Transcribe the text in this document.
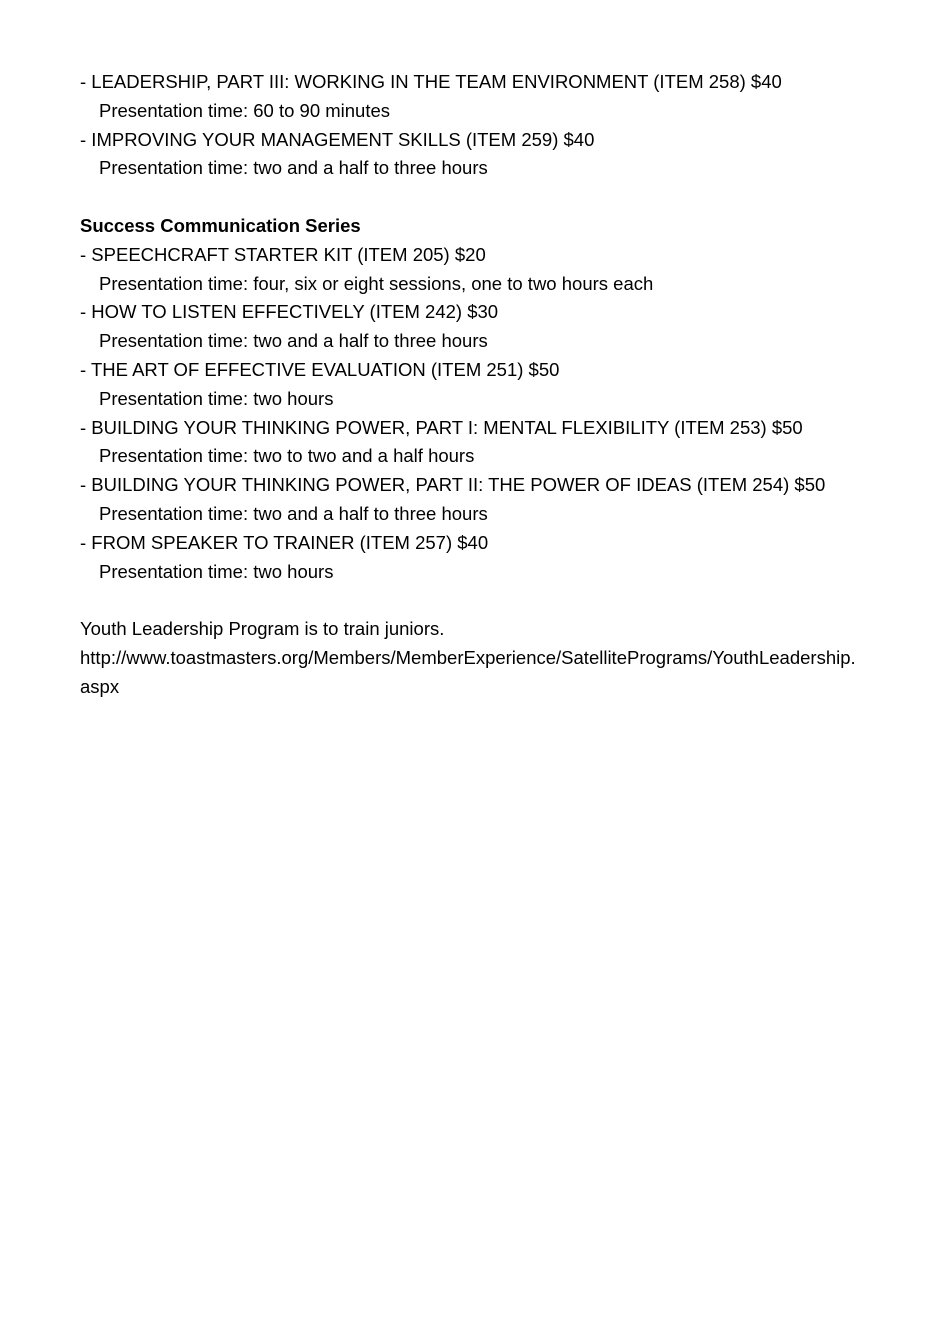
- LEADERSHIP, PART III: WORKING IN THE TEAM ENVIRONMENT (ITEM 258) $40

Presentation time: 60 to 90 minutes

- IMPROVING YOUR MANAGEMENT SKILLS (ITEM 259) $40

Presentation time: two and a half to three hours

Success Communication Series

- SPEECHCRAFT STARTER KIT (ITEM 205) $20

Presentation time: four, six or eight sessions, one to two hours each

- HOW TO LISTEN EFFECTIVELY (ITEM 242) $30

Presentation time: two and a half to three hours

- THE ART OF EFFECTIVE EVALUATION (ITEM 251) $50

Presentation time: two hours

- BUILDING YOUR THINKING POWER, PART I: MENTAL FLEXIBILITY (ITEM 253) $50

Presentation time: two to two and a half hours

- BUILDING YOUR THINKING POWER, PART II: THE POWER OF IDEAS (ITEM 254) $50

Presentation time: two and a half to three hours

- FROM SPEAKER TO TRAINER (ITEM 257) $40

Presentation time: two hours

Youth Leadership Program is to train juniors.

http://www.toastmasters.org/Members/MemberExperience/SatellitePrograms/YouthLeadership.

aspx
